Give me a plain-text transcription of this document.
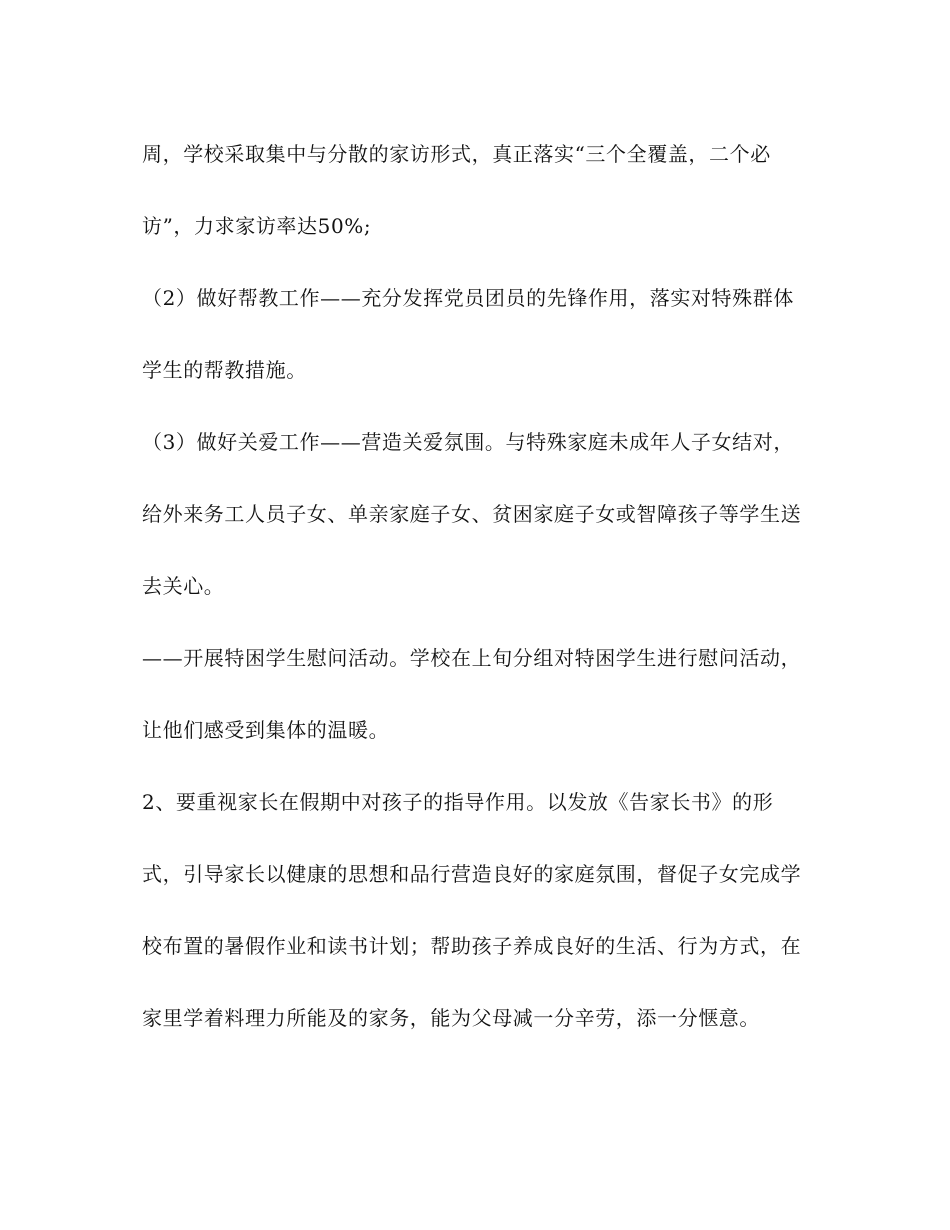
周，学校采取集中与分散的家访形式，真正落实“三个全覆盖，二个必访”，力求家访率达50%;

（2）做好帮教工作——充分发挥党员团员的先锋作用，落实对特殊群体学生的帮教措施。

（3）做好关爱工作——营造关爱氛围。与特殊家庭未成年人子女结对，给外来务工人员子女、单亲家庭子女、贫困家庭子女或智障孩子等学生送去关心。

——开展特困学生慰问活动。学校在上旬分组对特困学生进行慰问活动，让他们感受到集体的温暖。

2、要重视家长在假期中对孩子的指导作用。以发放《告家长书》的形式，引导家长以健康的思想和品行营造良好的家庭氛围，督促子女完成学校布置的暑假作业和读书计划；帮助孩子养成良好的生活、行为方式，在家里学着料理力所能及的家务，能为父母减一分辛劳，添一分惬意。
